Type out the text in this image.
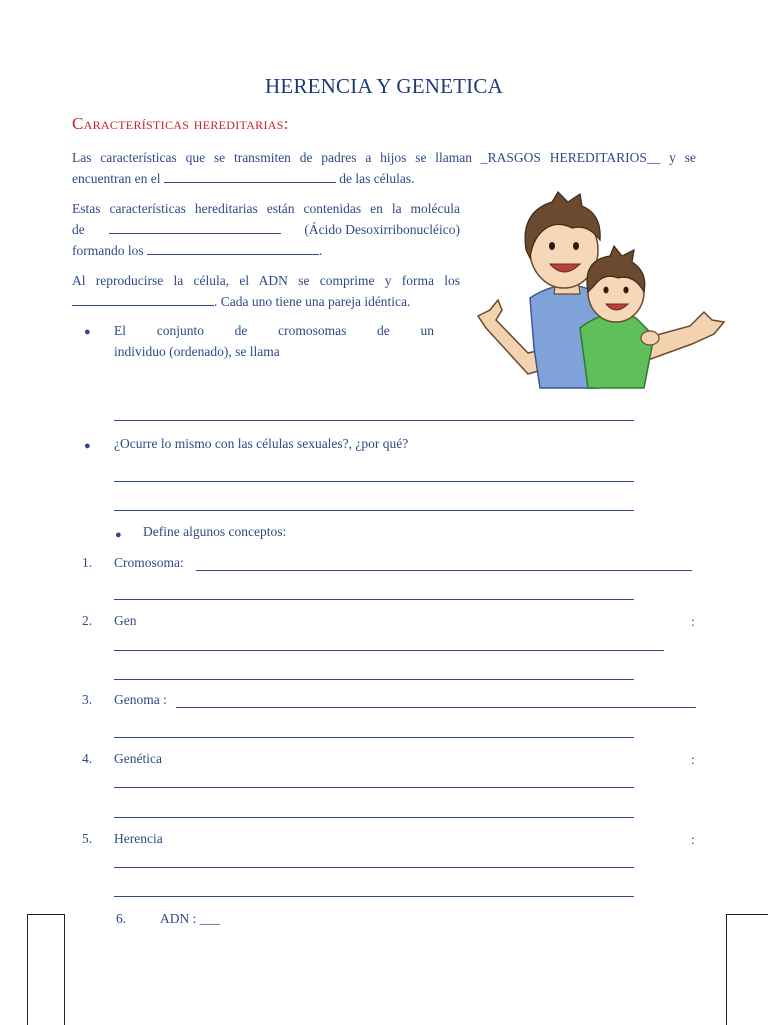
HERENCIA Y GENETICA
Características hereditarias:
Las características que se transmiten de padres a hijos se llaman _RASGOS HEREDITARIOS__ y se
encuentran en el	de las células.
Estas características hereditarias están contenidas en la molécula
de	(Ácido Desoxirribonucléico)
formando los	.
Al reproducirse la célula, el ADN se comprime y forma los
. Cada uno tiene una pareja idéntica.
● El conjunto de cromosomas de un
individuo (ordenado), se llama
● ¿Ocurre lo mismo con las células sexuales?, ¿por qué?
● Define algunos conceptos:
1. Cromosoma:
2. Gen	:
3. Genoma :
4. Genética	:
5. Herencia	:
6.	ADN : ___
